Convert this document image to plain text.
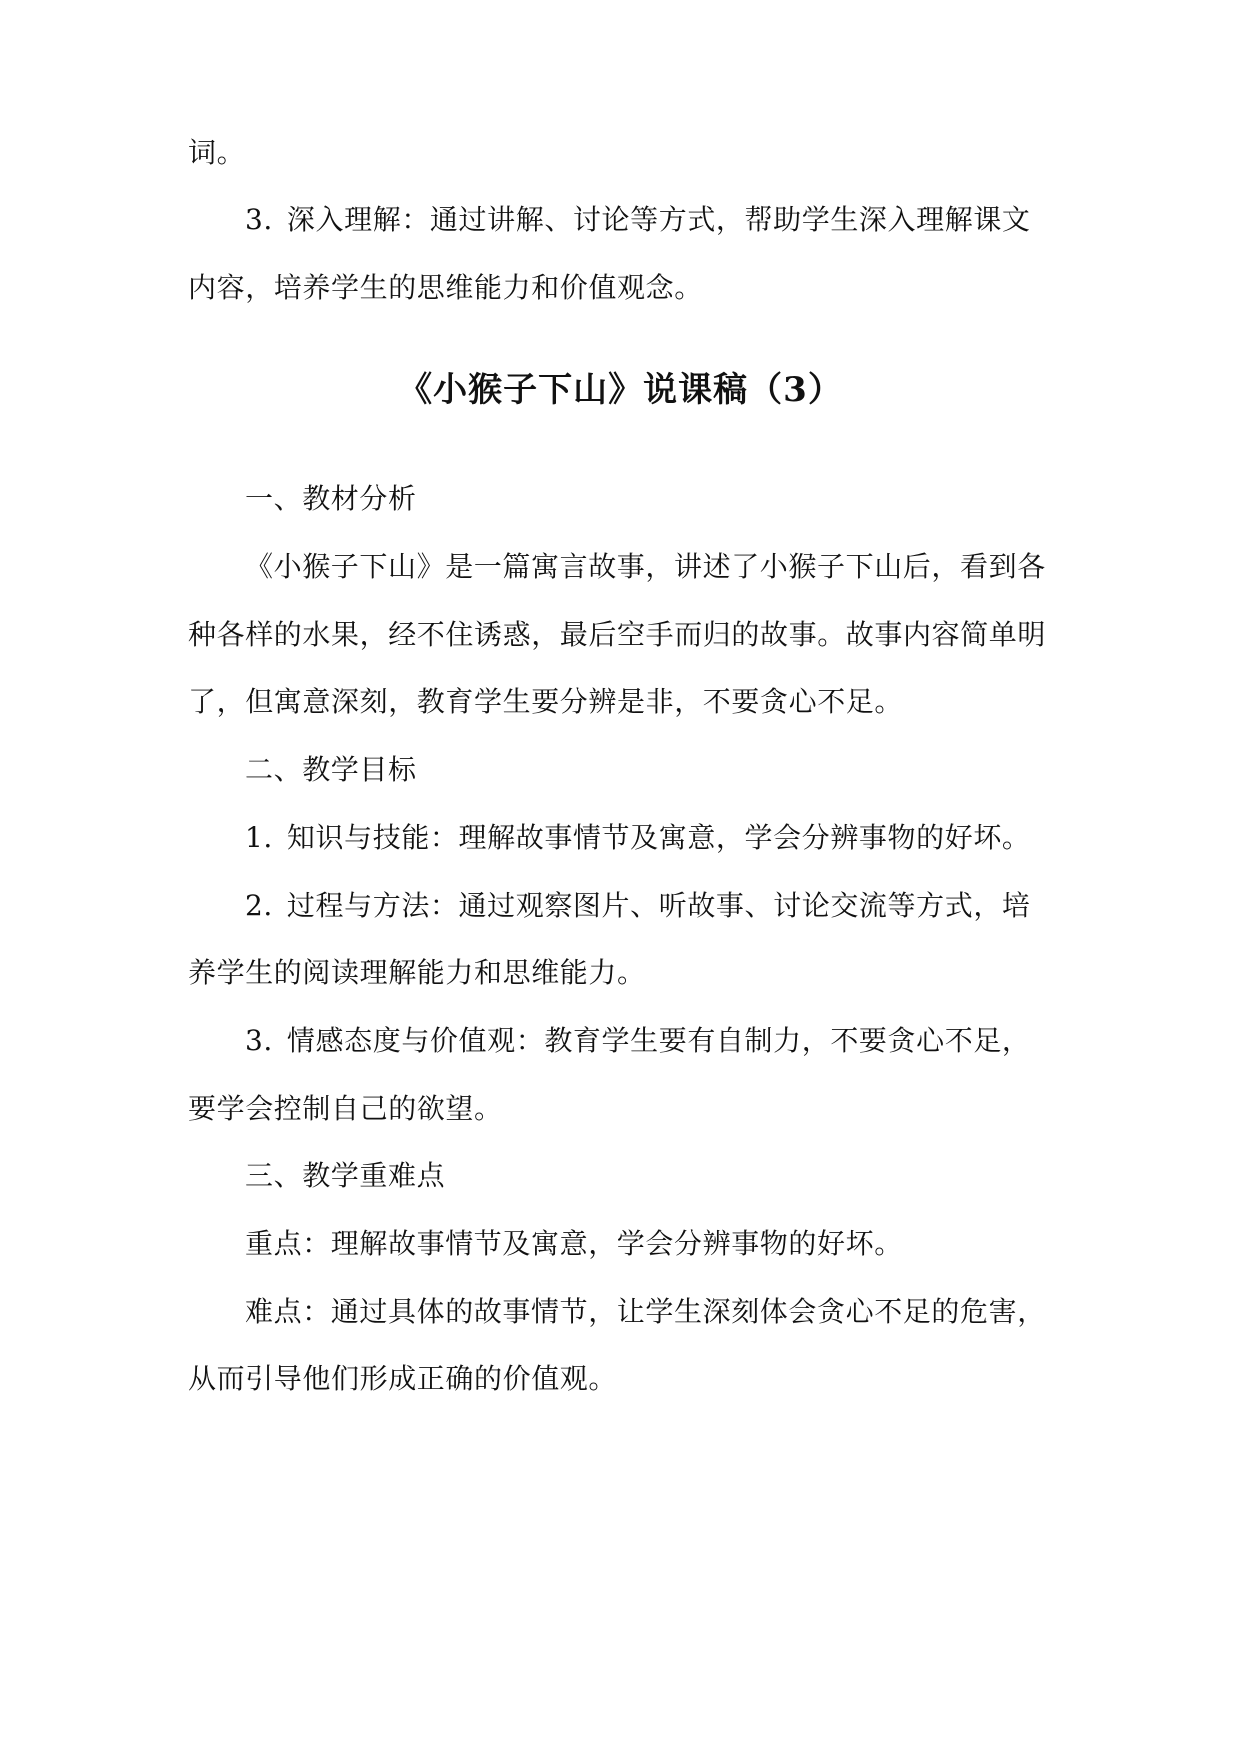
词。
3. 深入理解：通过讲解、讨论等方式，帮助学生深入理解课文
内容，培养学生的思维能力和价值观念。
《小猴子下山》说课稿（3）
一、教材分析
《小猴子下山》是一篇寓言故事，讲述了小猴子下山后，看到各
种各样的水果，经不住诱惑，最后空手而归的故事。故事内容简单明
了，但寓意深刻，教育学生要分辨是非，不要贪心不足。
二、教学目标
1. 知识与技能：理解故事情节及寓意，学会分辨事物的好坏。
2. 过程与方法：通过观察图片、听故事、讨论交流等方式，培
养学生的阅读理解能力和思维能力。
3. 情感态度与价值观：教育学生要有自制力，不要贪心不足，
要学会控制自己的欲望。
三、教学重难点
重点：理解故事情节及寓意，学会分辨事物的好坏。
难点：通过具体的故事情节，让学生深刻体会贪心不足的危害，
从而引导他们形成正确的价值观。
